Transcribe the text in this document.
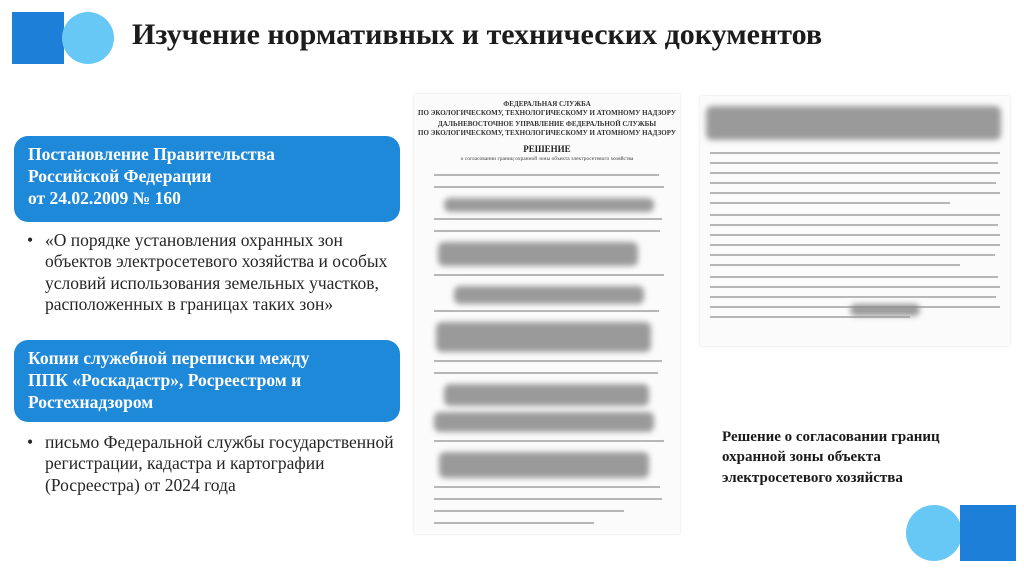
Изучение нормативных и технических документов
Постановление Правительства
Российской Федерации
от 24.02.2009 № 160
• «О порядке установления охранных зон объектов электросетевого хозяйства и особых условий использования земельных участков, расположенных в границах таких зон»
Копии служебной переписки между
ППК «Роскадастр», Росреестром и
Ростехнадзором
• письмо Федеральной службы государственной регистрации, кадастра и картографии (Росреестра) от 2024 года
ФЕДЕРАЛЬНАЯ СЛУЖБА
ПО ЭКОЛОГИЧЕСКОМУ, ТЕХНОЛОГИЧЕСКОМУ И АТОМНОМУ НАДЗОРУ
ДАЛЬНЕВОСТОЧНОЕ УПРАВЛЕНИЕ ФЕДЕРАЛЬНОЙ СЛУЖБЫ
ПО ЭКОЛОГИЧЕСКОМУ, ТЕХНОЛОГИЧЕСКОМУ И АТОМНОМУ НАДЗОРУ
РЕШЕНИЕ
о согласовании границ охранной зоны объекта электросетевого хозяйства
Решение о согласовании границ охранной зоны объекта электросетевого хозяйства
